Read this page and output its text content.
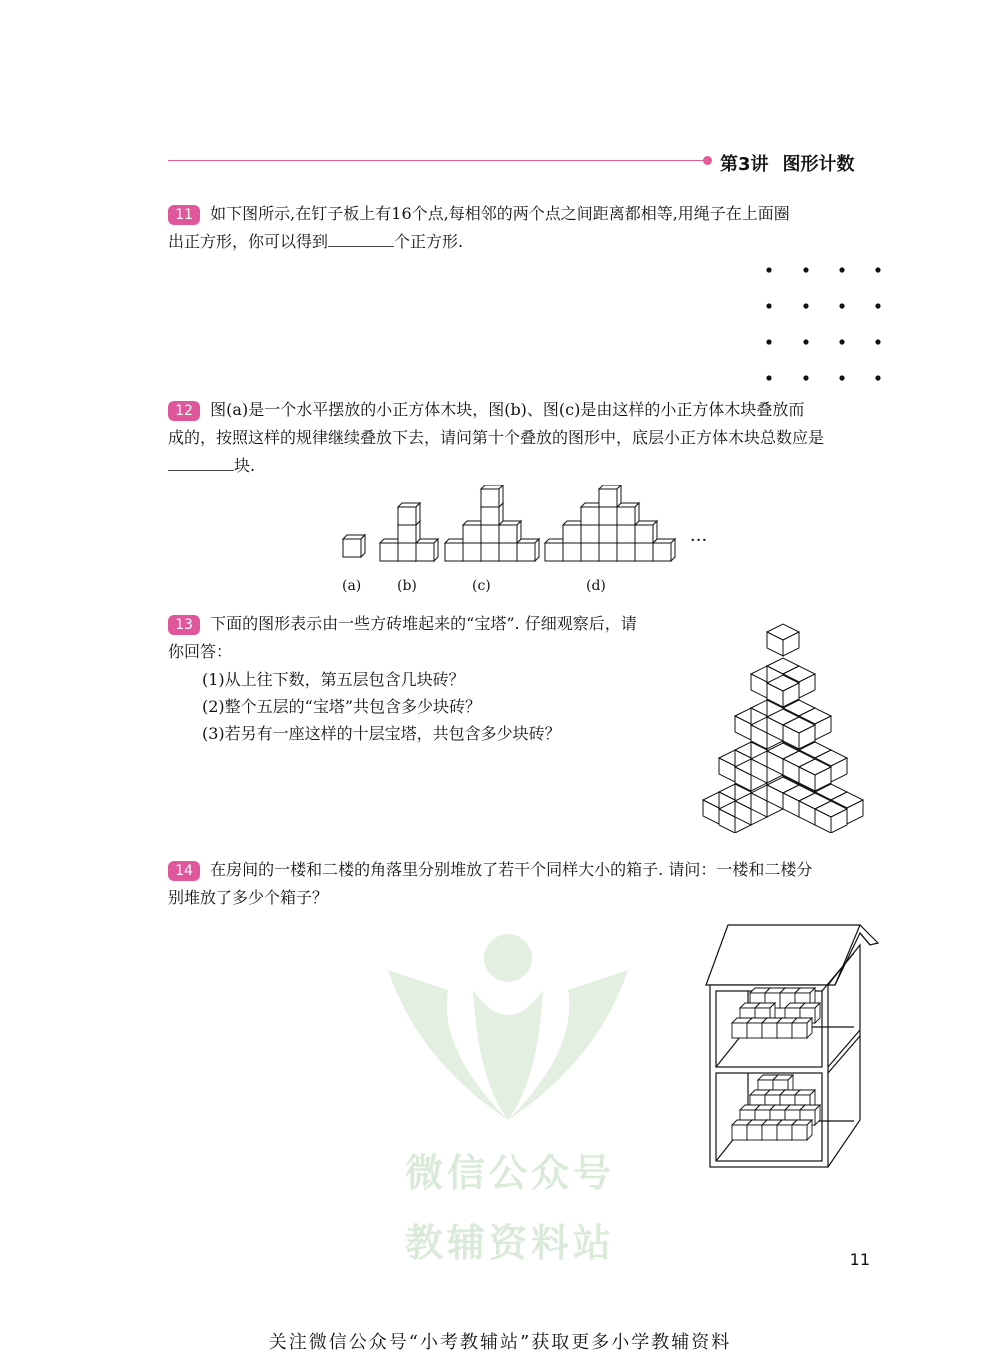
第3讲 图形计数
微信公众号
教辅资料站
11 如下图所示,在钉子板上有16个点,每相邻的两个点之间距离都相等,用绳子在上面圈
出正方形，你可以得到	个正方形.
12 图(a)是一个水平摆放的小正方体木块，图(b)、图(c)是由这样的小正方体木块叠放而
成的，按照这样的规律继续叠放下去，请问第十个叠放的图形中，底层小正方体木块总数应是
块.
···
(a)	(b)	(c)	(d)
13 下面的图形表示由一些方砖堆起来的“宝塔”. 仔细观察后，请
你回答：
(1)从上往下数，第五层包含几块砖？
(2)整个五层的“宝塔”共包含多少块砖？
(3)若另有一座这样的十层宝塔，共包含多少块砖？
14 在房间的一楼和二楼的角落里分别堆放了若干个同样大小的箱子. 请问：一楼和二楼分
别堆放了多少个箱子？
11
关注微信公众号“小考教辅站”获取更多小学教辅资料
